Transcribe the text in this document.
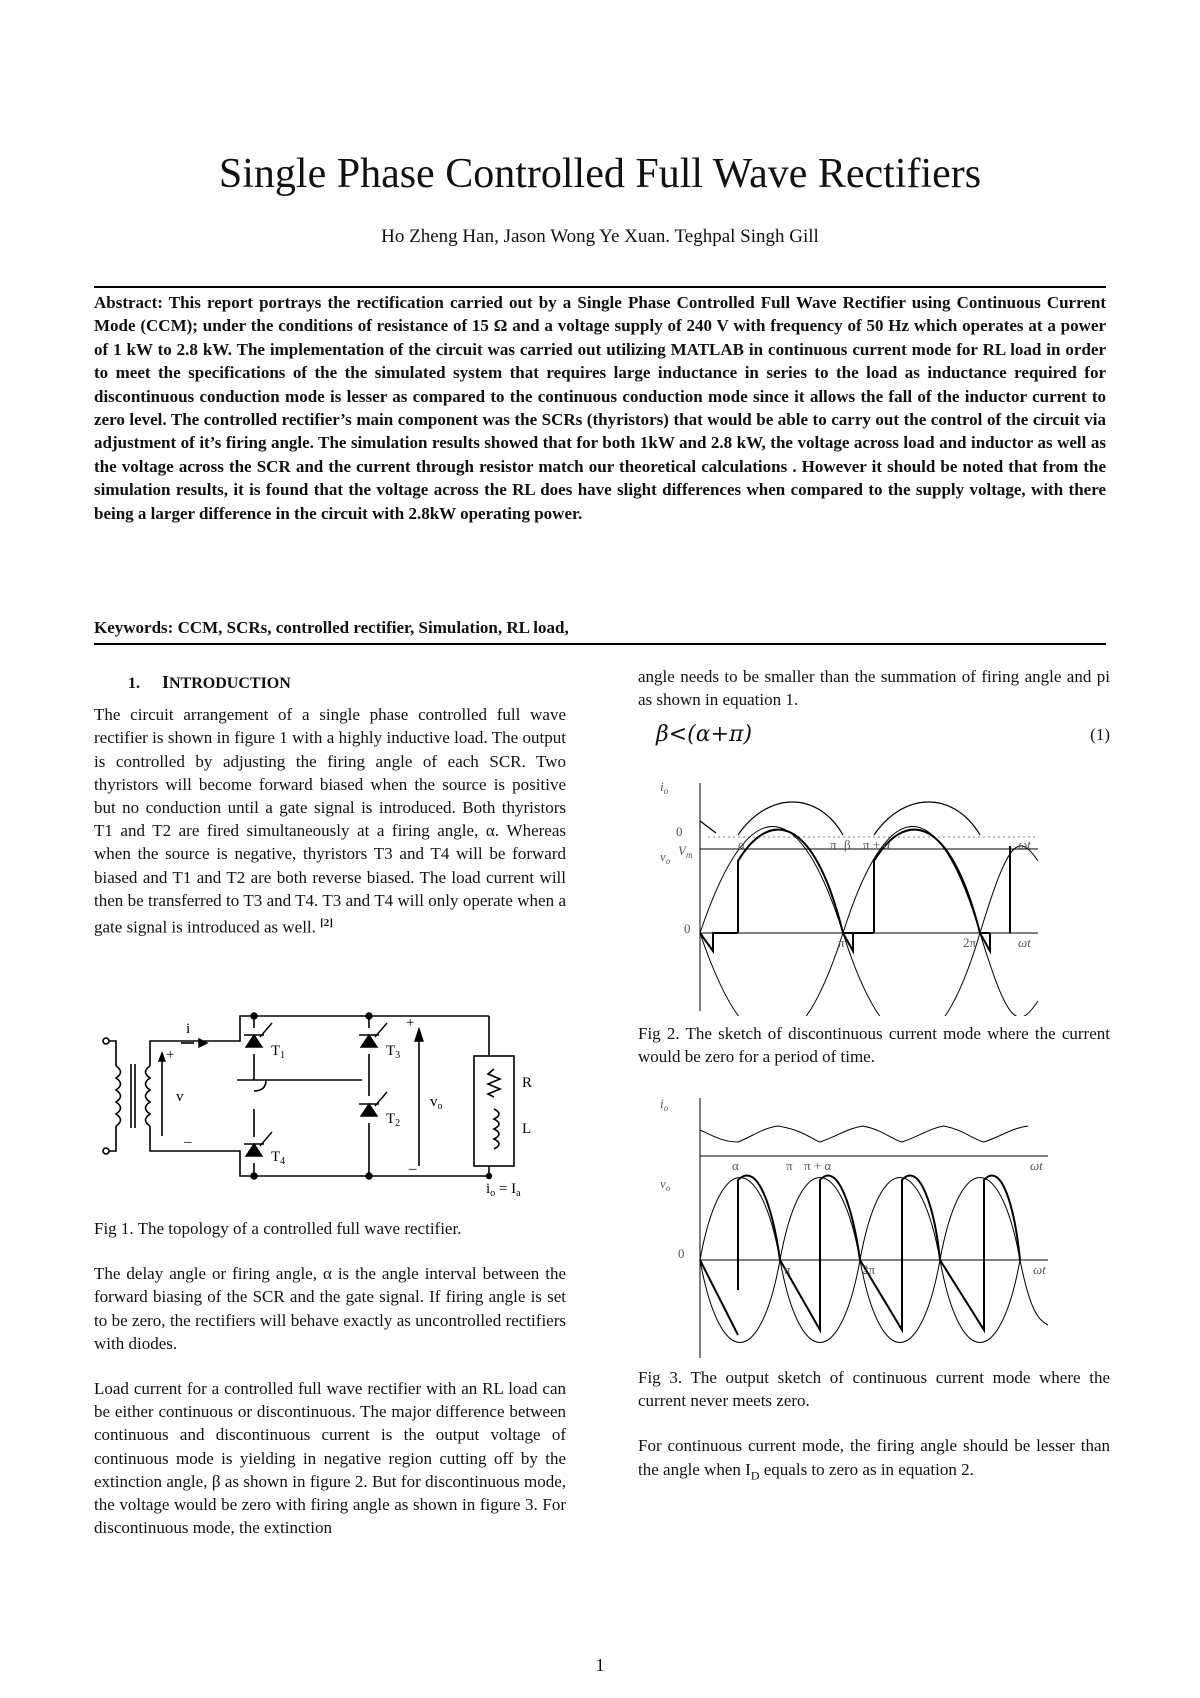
Single Phase Controlled Full Wave Rectifiers
Ho Zheng Han, Jason Wong Ye Xuan. Teghpal Singh Gill

Abstract: This report portrays the rectification carried out by a Single Phase Controlled Full Wave Rectifier using Continuous Current Mode (CCM); under the conditions of resistance of 15 Ω and a voltage supply of 240 V with frequency of 50 Hz which operates at a power of 1 kW to 2.8 kW. The implementation of the circuit was carried out utilizing MATLAB in continuous current mode for RL load in order to meet the specifications of the the simulated system that requires large inductance in series to the load as inductance required for discontinuous conduction mode is lesser as compared to the continuous conduction mode since it allows the fall of the inductor current to zero level. The controlled rectifier’s main component was the SCRs (thyristors) that would be able to carry out the control of the circuit via adjustment of it’s firing angle. The simulation results showed that for both 1kW and 2.8 kW, the voltage across load and inductor as well as the voltage across the SCR and the current through resistor match our theoretical calculations . However it should be noted that from the simulation results, it is found that the voltage across the RL does have slight differences when compared to the supply voltage, with there being a larger difference in the circuit with 2.8kW operating power.

Keywords: CCM, SCRs, controlled rectifier, Simulation, RL load,

1. INTRODUCTION

The circuit arrangement of a single phase controlled full wave rectifier is shown in figure 1 with a highly inductive load. The output is controlled by adjusting the firing angle of each SCR. Two thyristors will become forward biased when the source is positive but no conduction until a gate signal is introduced. Both thyristors T1 and T2 are fired simultaneously at a firing angle, α. Whereas when the source is negative, thyristors T3 and T4 will be forward biased and T1 and T2 are both reverse biased. The load current will then be transferred to T3 and T4. T3 and T4 will only operate when a gate signal is introduced as well. [2]

i
+
v
–
$T_1$
$T_4$
$T_3$
$T_2$
+
$v_o$
–
R
L
$i_o = I_a$

Fig 1. The topology of a controlled full wave rectifier.

The delay angle or firing angle, α is the angle interval between the forward biasing of the SCR and the gate signal. If firing angle is set to be zero, the rectifiers will behave exactly as uncontrolled rectifiers with diodes.

Load current for a controlled full wave rectifier with an RL load can be either continuous or discontinuous. The major difference between continuous and discontinuous current is the output voltage of continuous mode is yielding in negative region cutting off by the extinction angle, β as shown in figure 2. But for discontinuous mode, the voltage would be zero with firing angle as shown in figure 3. For discontinuous mode, the extinction

angle needs to be smaller than the summation of firing angle and pi as shown in equation 1.

β<(α+π)	(1)
$i_o$
0
$V_m$
$v_o$
α	π β π + α	ωt
0
π	2π	ωt

Fig 2. The sketch of discontinuous current mode where the current would be zero for a period of time.

$i_o$
$v_o$
0
α	π π + α	ωt
π	2π	ωt

Fig 3. The output sketch of continuous current mode where the current never meets zero.

For continuous current mode, the firing angle should be lesser than the angle when $I_D$ equals to zero as in equation 2.

1
